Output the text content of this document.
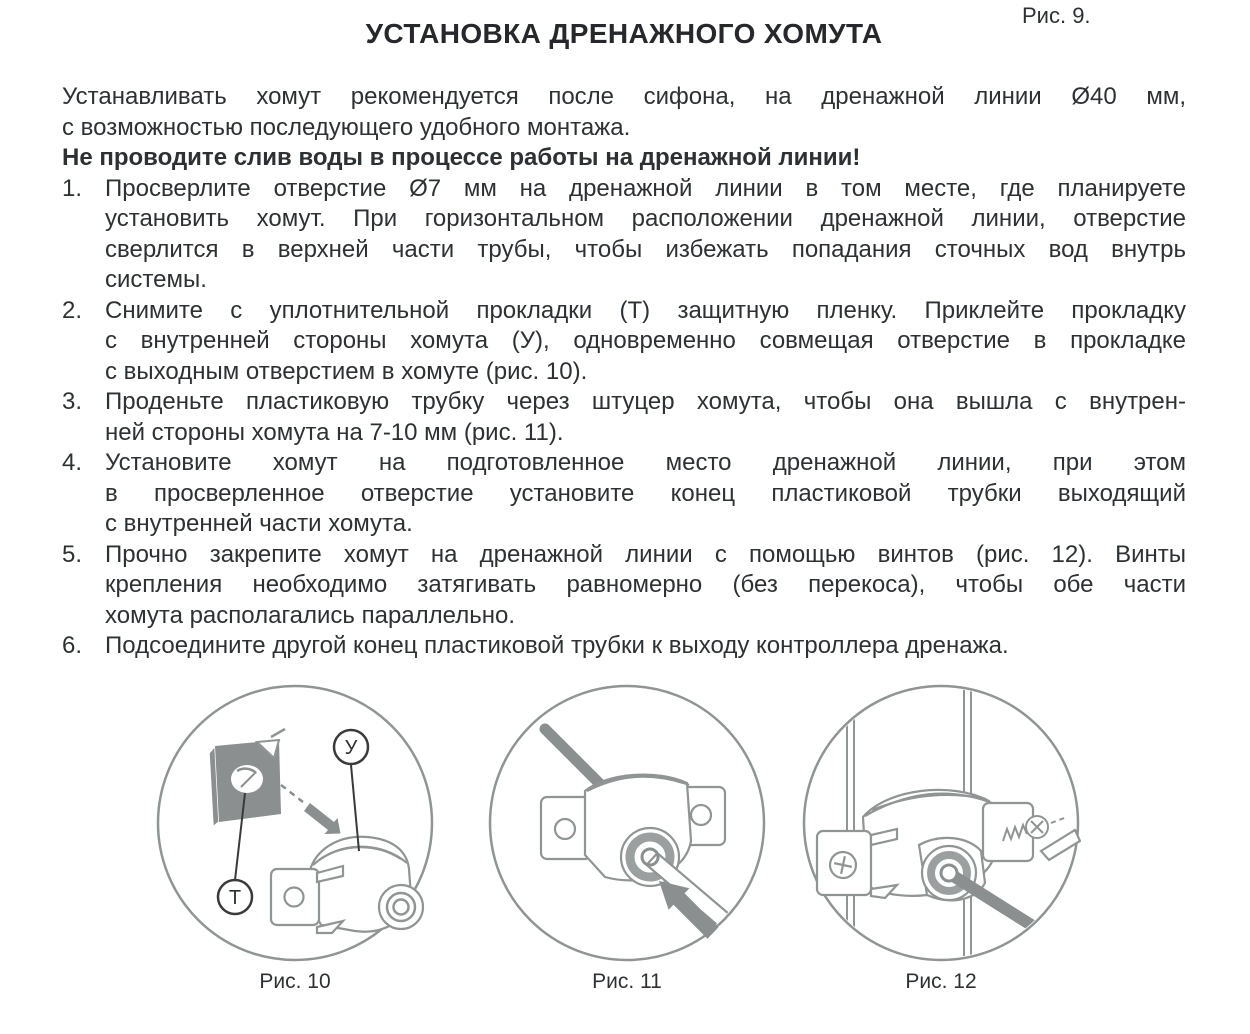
Рис. 9.
УСТАНОВКА ДРЕНАЖНОГО ХОМУТА
Устанавливать хомут рекомендуется после сифона, на дренажной линии Ø40 мм,
с возможностью последующего удобного монтажа.
Не проводите слив воды в процессе работы на дренажной линии!
1. Просверлите отверстие Ø7 мм на дренажной линии в том месте, где планируете
установить хомут. При горизонтальном расположении дренажной линии, отверстие
сверлится в верхней части трубы, чтобы избежать попадания сточных вод внутрь
системы.
2. Снимите с уплотнительной прокладки (Т) защитную пленку. Приклейте прокладку
с внутренней стороны хомута (У), одновременно совмещая отверстие в прокладке
с выходным отверстием в хомуте (рис. 10).
3. Проденьте пластиковую трубку через штуцер хомута, чтобы она вышла с внутрен-
ней стороны хомута на 7-10 мм (рис. 11).
4. Установите хомут на подготовленное место дренажной линии, при этом
в просверленное отверстие установите конец пластиковой трубки выходящий
с внутренней части хомута.
5. Прочно закрепите хомут на дренажной линии с помощью винтов (рис. 12). Винты
крепления необходимо затягивать равномерно (без перекоса), чтобы обе части
хомута располагались параллельно.
6. Подсоедините другой конец пластиковой трубки к выходу контроллера дренажа.
Т
У
Рис. 10	Рис. 11	Рис. 12
